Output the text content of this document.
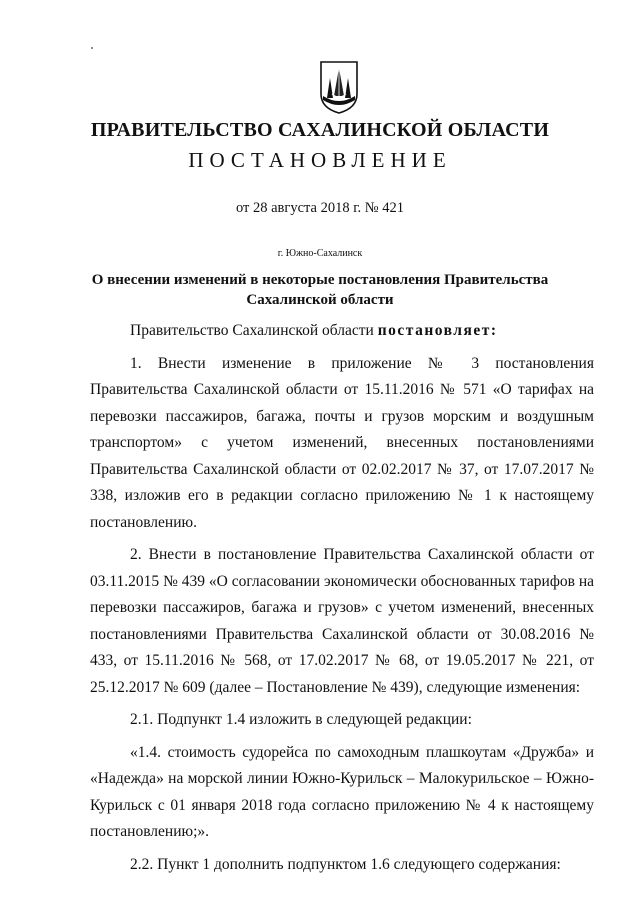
ПРАВИТЕЛЬСТВО САХАЛИНСКОЙ ОБЛАСТИ
ПОСТАНОВЛЕНИЕ
от 28 августа 2018 г. № 421
г. Южно-Сахалинск
О внесении изменений в некоторые постановления Правительства Сахалинской области

Правительство Сахалинской области постановляет:

1. Внести изменение в приложение № 3 постановления Правительства Сахалинской области от 15.11.2016 № 571 «О тарифах на перевозки пассажиров, багажа, почты и грузов морским и воздушным транспортом» с учетом изменений, внесенных постановлениями Правительства Сахалинской области от 02.02.2017 № 37, от 17.07.2017 № 338, изложив его в редакции согласно приложению № 1 к настоящему постановлению.

2. Внести в постановление Правительства Сахалинской области от 03.11.2015 № 439 «О согласовании экономически обоснованных тарифов на перевозки пассажиров, багажа и грузов» с учетом изменений, внесенных постановлениями Правительства Сахалинской области от 30.08.2016 № 433, от 15.11.2016 № 568, от 17.02.2017 № 68, от 19.05.2017 № 221, от 25.12.2017 № 609 (далее – Постановление № 439), следующие изменения:

2.1. Подпункт 1.4 изложить в следующей редакции:

«1.4. стоимость судорейса по самоходным плашкоутам «Дружба» и «Надежда» на морской линии Южно-Курильск – Малокурильское – Южно-Курильск с 01 января 2018 года согласно приложению № 4 к настоящему постановлению;».

2.2. Пункт 1 дополнить подпунктом 1.6 следующего содержания:
